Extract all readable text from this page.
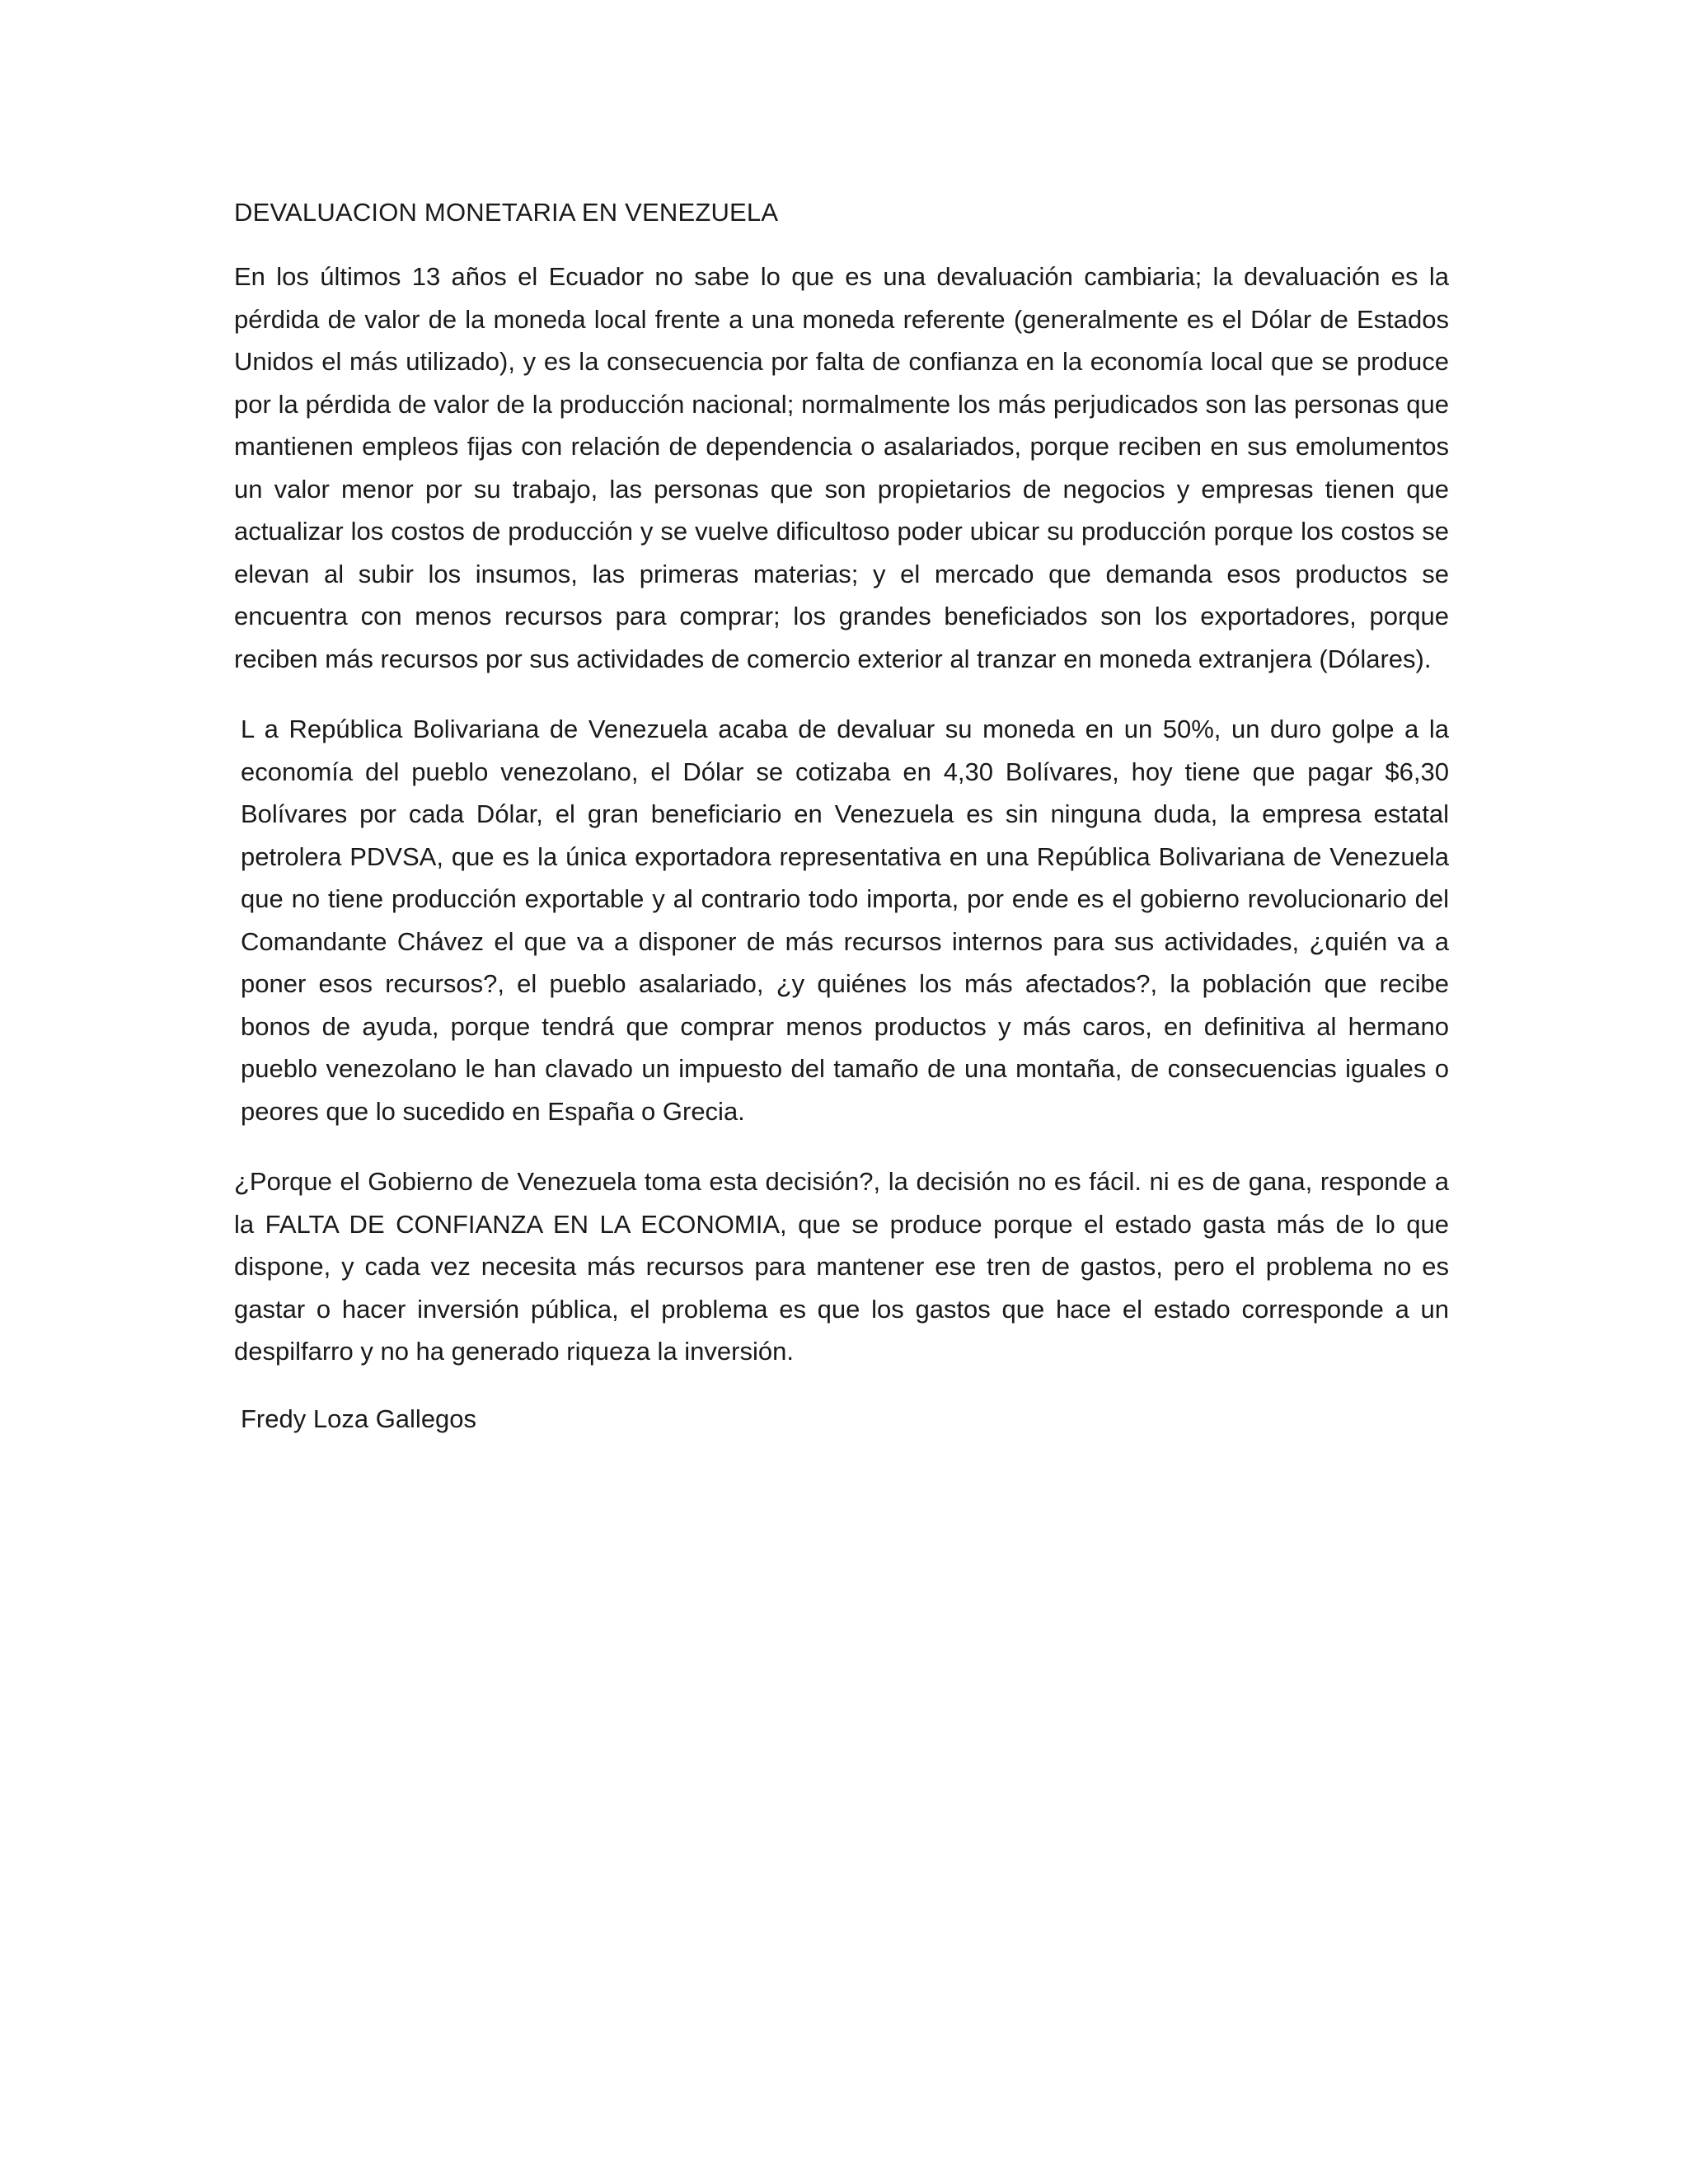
DEVALUACION MONETARIA EN VENEZUELA

En los últimos 13 años el Ecuador no sabe lo que es una devaluación cambiaria; la devaluación es la pérdida de valor de la moneda local frente a una moneda referente (generalmente es el Dólar de Estados Unidos el más utilizado), y es la consecuencia por falta de confianza en la economía local que se produce por la pérdida de valor de la producción nacional; normalmente los más perjudicados son las personas que mantienen empleos fijas con relación de dependencia o asalariados, porque reciben en sus emolumentos un valor menor por su trabajo, las personas que son propietarios de negocios y empresas tienen que actualizar los costos de producción y se vuelve dificultoso poder ubicar su producción porque los costos se elevan al subir los insumos, las primeras materias; y el mercado que demanda esos productos se encuentra con menos recursos para comprar; los grandes beneficiados son los exportadores, porque reciben más recursos por sus actividades de comercio exterior al tranzar en moneda extranjera (Dólares).

L a República Bolivariana de Venezuela acaba de devaluar su moneda en un 50%, un duro golpe a la economía del pueblo venezolano, el Dólar se cotizaba en 4,30 Bolívares, hoy tiene que pagar $6,30 Bolívares por cada Dólar, el gran beneficiario en Venezuela es sin ninguna duda, la empresa estatal petrolera PDVSA, que es la única exportadora representativa en una República Bolivariana de Venezuela que no tiene producción exportable y al contrario todo importa, por ende es el gobierno revolucionario del Comandante Chávez el que va a disponer de más recursos internos para sus actividades, ¿quién va a poner esos recursos?, el pueblo asalariado, ¿y quiénes los más afectados?, la población que recibe bonos de ayuda, porque tendrá que comprar menos productos y más caros, en definitiva al hermano pueblo venezolano le han clavado un impuesto del tamaño de una montaña, de consecuencias iguales o peores que lo sucedido en España o Grecia.

¿Porque el Gobierno de Venezuela toma esta decisión?, la decisión no es fácil. ni es de gana, responde a la FALTA DE CONFIANZA EN LA ECONOMIA, que se produce porque el estado gasta más de lo que dispone, y cada vez necesita más recursos para mantener ese tren de gastos, pero el problema no es gastar o hacer inversión pública, el problema es que los gastos que hace el estado corresponde a un despilfarro y no ha generado riqueza la inversión.

Fredy Loza Gallegos
